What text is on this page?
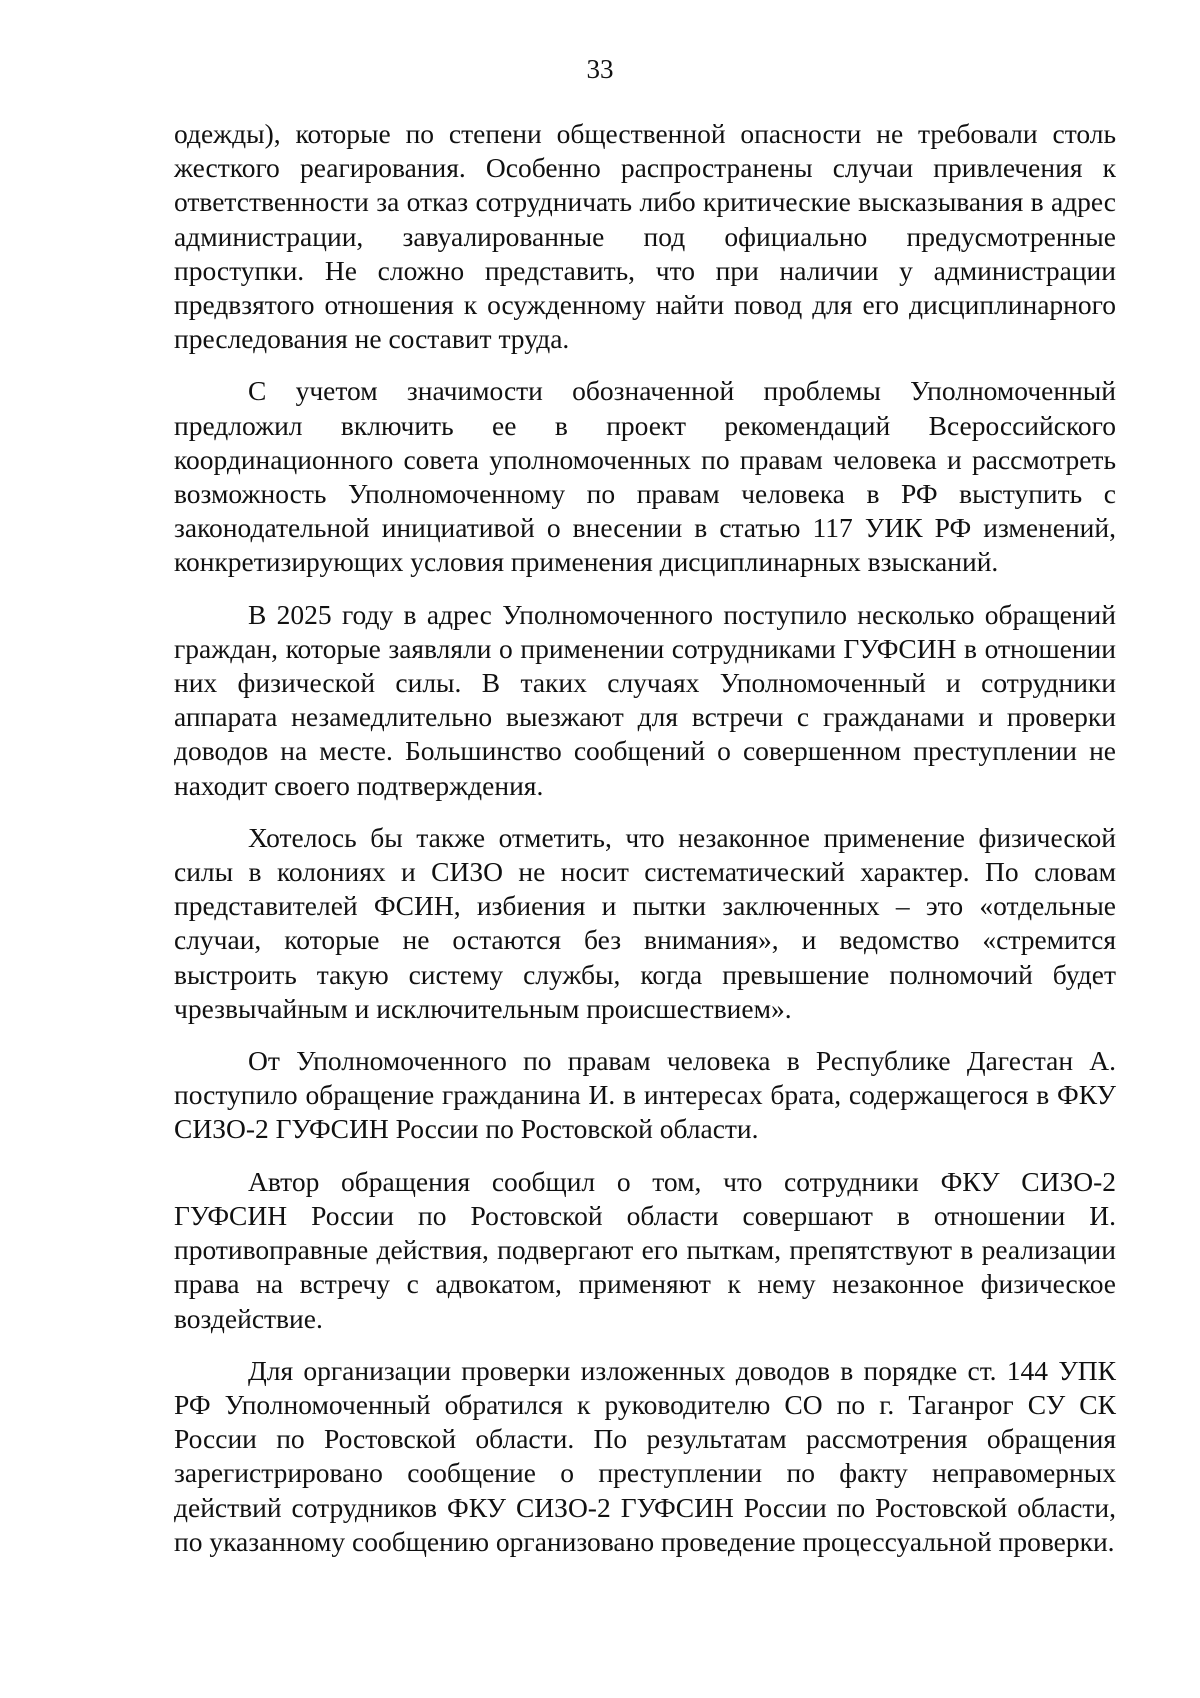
33

одежды), которые по степени общественной опасности не требовали столь жесткого реагирования. Особенно распространены случаи привлечения к ответственности за отказ сотрудничать либо критические высказывания в адрес администрации, завуалированные под официально предусмотренные проступки. Не сложно представить, что при наличии у администрации предвзятого отношения к осужденному найти повод для его дисциплинарного преследования не составит труда.

С учетом значимости обозначенной проблемы Уполномоченный предложил включить ее в проект рекомендаций Всероссийского координационного совета уполномоченных по правам человека и рассмотреть возможность Уполномоченному по правам человека в РФ выступить с законодательной инициативой о внесении в статью 117 УИК РФ изменений, конкретизирующих условия применения дисциплинарных взысканий.

В 2025 году в адрес Уполномоченного поступило несколько обращений граждан, которые заявляли о применении сотрудниками ГУФСИН в отношении них физической силы. В таких случаях Уполномоченный и сотрудники аппарата незамедлительно выезжают для встречи с гражданами и проверки доводов на месте. Большинство сообщений о совершенном преступлении не находит своего подтверждения.

Хотелось бы также отметить, что незаконное применение физической силы в колониях и СИЗО не носит систематический характер. По словам представителей ФСИН, избиения и пытки заключенных – это «отдельные случаи, которые не остаются без внимания», и ведомство «стремится выстроить такую систему службы, когда превышение полномочий будет чрезвычайным и исключительным происшествием».

От Уполномоченного по правам человека в Республике Дагестан А. поступило обращение гражданина И. в интересах брата, содержащегося в ФКУ СИЗО-2 ГУФСИН России по Ростовской области.

Автор обращения сообщил о том, что сотрудники ФКУ СИЗО-2 ГУФСИН России по Ростовской области совершают в отношении И. противоправные действия, подвергают его пыткам, препятствуют в реализации права на встречу с адвокатом, применяют к нему незаконное физическое воздействие.

Для организации проверки изложенных доводов в порядке ст. 144 УПК РФ Уполномоченный обратился к руководителю СО по г. Таганрог СУ СК России по Ростовской области. По результатам рассмотрения обращения зарегистрировано сообщение о преступлении по факту неправомерных действий сотрудников ФКУ СИЗО-2 ГУФСИН России по Ростовской области, по указанному сообщению организовано проведение процессуальной проверки.
